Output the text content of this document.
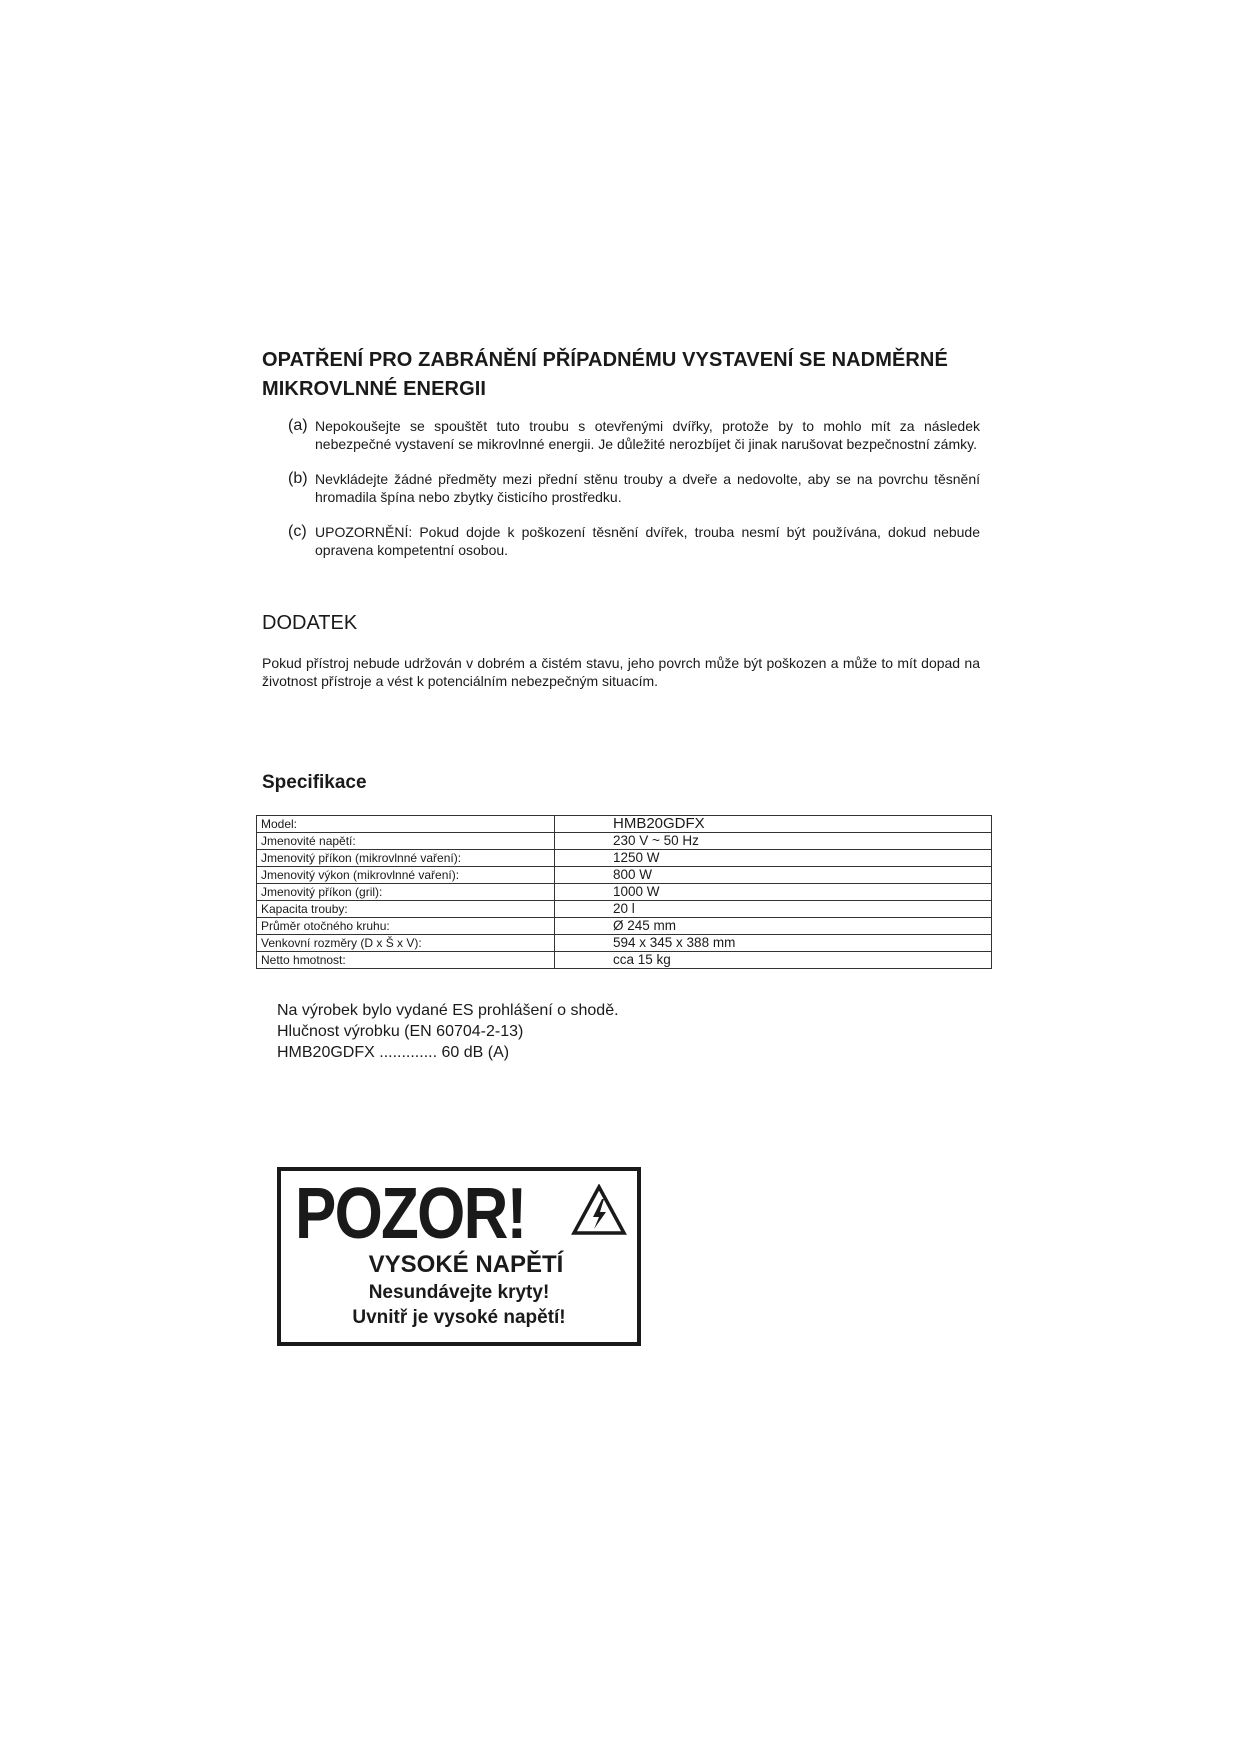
OPATŘENÍ PRO ZABRÁNĚNÍ PŘÍPADNÉMU VYSTAVENÍ SE NADMĚRNÉ MIKROVLNNÉ ENERGII
(a) Nepokoušejte se spouštět tuto troubu s otevřenými dvířky, protože by to mohlo mít za následek nebezpečné vystavení se mikrovlnné energii. Je důležité nerozbíjet či jinak narušovat bezpečnostní zámky.
(b) Nevkládejte žádné předměty mezi přední stěnu trouby a dveře a nedovolte, aby se na povrchu těsnění hromadila špína nebo zbytky čisticího prostředku.
(c) UPOZORNĚNÍ: Pokud dojde k poškození těsnění dvířek, trouba nesmí být používána, dokud nebude opravena kompetentní osobou.
DODATEK

Pokud přístroj nebude udržován v dobrém a čistém stavu, jeho povrch může být poškozen a může to mít dopad na životnost přístroje a vést k potenciálním nebezpečným situacím.

Specifikace
Model:	HMB20GDFX
Jmenovité napětí:	230 V ~ 50 Hz
Jmenovitý příkon (mikrovlnné vaření):	1250 W
Jmenovitý výkon (mikrovlnné vaření):	800 W
Jmenovitý příkon (gril):	1000 W
Kapacita trouby:	20 l
Průměr otočného kruhu:	Ø 245 mm
Venkovní rozměry (D x Š x V):	594 x 345 x 388 mm
Netto hmotnost:	cca 15 kg

Na výrobek bylo vydané ES prohlášení o shodě.

Hlučnost výrobku (EN 60704-2-13)

HMB20GDFX ............. 60 dB (A)

POZOR!

VYSOKÉ NAPĚTÍ

Nesundávejte kryty!

Uvnitř je vysoké napětí!
